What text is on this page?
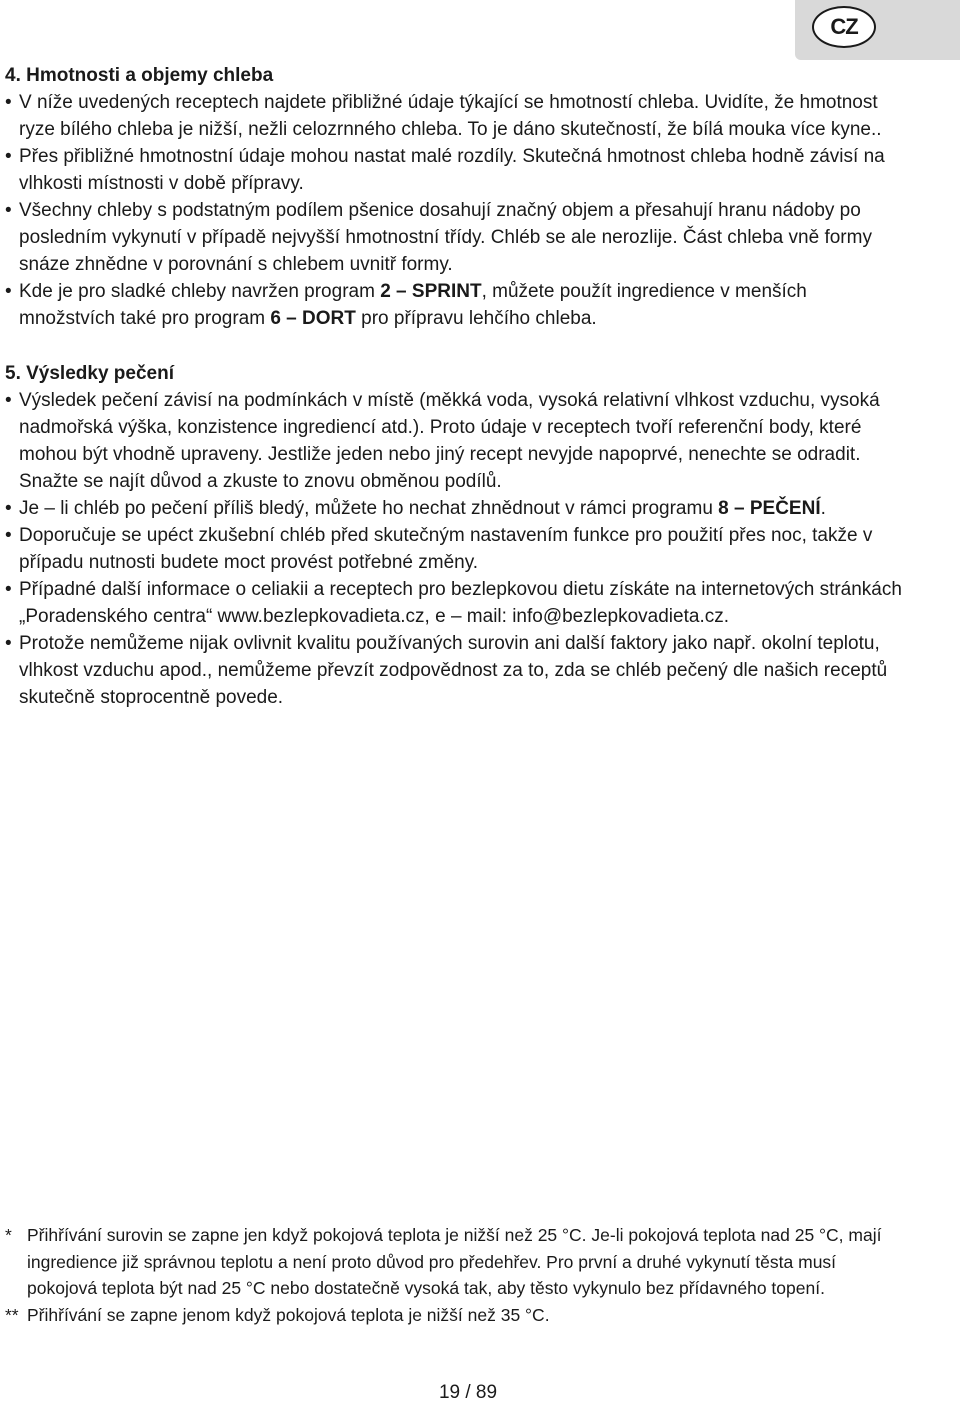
CZ
4. Hmotnosti a objemy chleba
• V níže uvedených receptech najdete přibližné údaje týkající se hmotností chleba. Uvidíte, že hmotnost ryze bílého chleba je nižší, nežli celozrnného chleba. To je dáno skutečností, že bílá mouka více kyne..
• Přes přibližné hmotnostní údaje mohou nastat malé rozdíly. Skutečná hmotnost chleba hodně závisí na vlhkosti místnosti v době přípravy.
• Všechny chleby s podstatným podílem pšenice dosahují značný objem a přesahují hranu nádoby po posledním vykynutí v případě nejvyšší hmotnostní třídy. Chléb se ale nerozlije. Část chleba vně formy snáze zhnědne v porovnání s chlebem uvnitř formy.
• Kde je pro sladké chleby navržen program 2 – SPRINT, můžete použít ingredience v menších množstvích také pro program 6 – DORT pro přípravu lehčího chleba.
5. Výsledky pečení
• Výsledek pečení závisí na podmínkách v místě (měkká voda, vysoká relativní vlhkost vzduchu, vysoká nadmořská výška, konzistence ingrediencí atd.). Proto údaje v receptech tvoří referenční body, které mohou být vhodně upraveny. Jestliže jeden nebo jiný recept nevyjde napoprvé, nenechte se odradit. Snažte se najít důvod a zkuste to znovu obměnou podílů.
• Je – li chléb po pečení příliš bledý, můžete ho nechat zhnědnout v rámci programu 8 – PEČENÍ.
• Doporučuje se upéct zkušební chléb před skutečným nastavením funkce pro použití přes noc, takže v případu nutnosti budete moct provést potřebné změny.
• Případné další informace o celiakii a receptech pro bezlepkovou dietu získáte na internetových stránkách „Poradenského centra“ www.bezlepkovadieta.cz, e – mail: info@bezlepkovadieta.cz.
• Protože nemůžeme nijak ovlivnit kvalitu používaných surovin ani další faktory jako např. okolní teplotu, vlhkost vzduchu apod., nemůžeme převzít zodpovědnost za to, zda se chléb pečený dle našich receptů skutečně stoprocentně povede.
* Přihřívání surovin se zapne jen když pokojová teplota je nižší než 25 °C. Je-li pokojová teplota nad 25 °C, mají ingredience již správnou teplotu a není proto důvod pro předehřev. Pro první a druhé vykynutí těsta musí pokojová teplota být nad 25 °C nebo dostatečně vysoká tak, aby těsto vykynulo bez přídavného topení.
** Přihřívání se zapne jenom když pokojová teplota je nižší než 35 °C.
19 / 89
